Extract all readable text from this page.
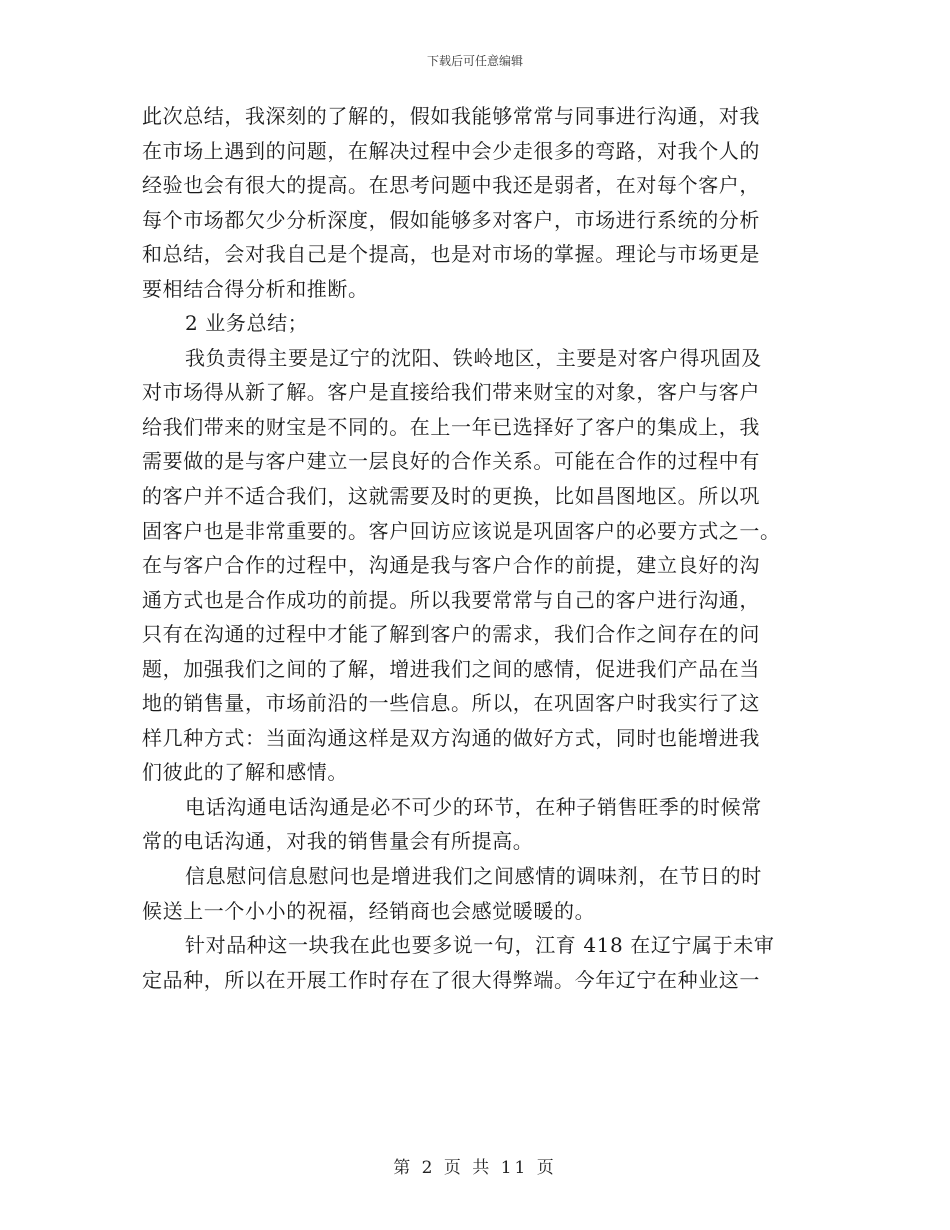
下载后可任意编辑
此次总结，我深刻的了解的，假如我能够常常与同事进行沟通，对我
在市场上遇到的问题，在解决过程中会少走很多的弯路，对我个人的
经验也会有很大的提高。在思考问题中我还是弱者，在对每个客户，
每个市场都欠少分析深度，假如能够多对客户，市场进行系统的分析
和总结，会对我自己是个提高，也是对市场的掌握。理论与市场更是
要相结合得分析和推断。
2 业务总结；
我负责得主要是辽宁的沈阳、铁岭地区，主要是对客户得巩固及
对市场得从新了解。客户是直接给我们带来财宝的对象，客户与客户
给我们带来的财宝是不同的。在上一年已选择好了客户的集成上，我
需要做的是与客户建立一层良好的合作关系。可能在合作的过程中有
的客户并不适合我们，这就需要及时的更换，比如昌图地区。所以巩
固客户也是非常重要的。客户回访应该说是巩固客户的必要方式之一。
在与客户合作的过程中，沟通是我与客户合作的前提，建立良好的沟
通方式也是合作成功的前提。所以我要常常与自己的客户进行沟通，
只有在沟通的过程中才能了解到客户的需求，我们合作之间存在的问
题，加强我们之间的了解，增进我们之间的感情，促进我们产品在当
地的销售量，市场前沿的一些信息。所以，在巩固客户时我实行了这
样几种方式：当面沟通这样是双方沟通的做好方式，同时也能增进我
们彼此的了解和感情。
电话沟通电话沟通是必不可少的环节，在种子销售旺季的时候常
常的电话沟通，对我的销售量会有所提高。
信息慰问信息慰问也是增进我们之间感情的调味剂，在节日的时
候送上一个小小的祝福，经销商也会感觉暖暖的。
针对品种这一块我在此也要多说一句，江育 418 在辽宁属于未审
定品种，所以在开展工作时存在了很大得弊端。今年辽宁在种业这一
第 2 页 共 11 页
